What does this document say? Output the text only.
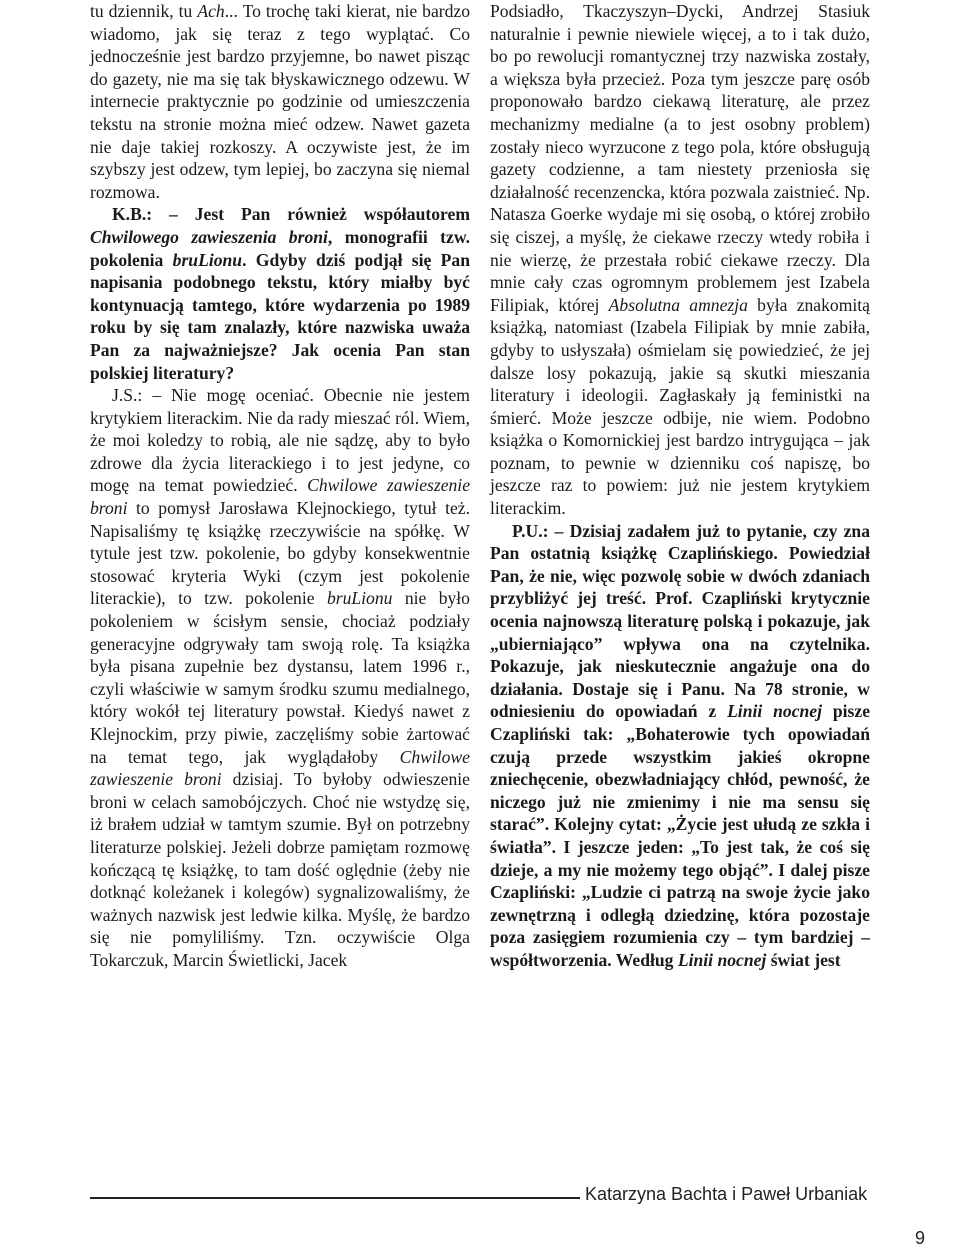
tu dziennik, tu Ach... To trochę taki kierat, nie bardzo wiadomo, jak się teraz z tego wyplątać. Co jednocześnie jest bardzo przyjemne, bo nawet pisząc do gazety, nie ma się tak błyskawicznego odzewu. W internecie praktycznie po godzinie od umieszczenia tekstu na stronie można mieć odzew. Nawet gazeta nie daje takiej rozkoszy. A oczywiste jest, że im szybszy jest odzew, tym lepiej, bo zaczyna się niemal rozmowa.

K.B.: – Jest Pan również współautorem Chwilowego zawieszenia broni, monografii tzw. pokolenia bruLionu. Gdyby dziś podjął się Pan napisania podobnego tekstu, który miałby być kontynuacją tamtego, które wydarzenia po 1989 roku by się tam znalazły, które nazwiska uważa Pan za najważniejsze? Jak ocenia Pan stan polskiej literatury?

J.S.: – Nie mogę oceniać. Obecnie nie jestem krytykiem literackim. Nie da rady mieszać ról. Wiem, że moi koledzy to robią, ale nie sądzę, aby to było zdrowe dla życia literackiego i to jest jedyne, co mogę na temat powiedzieć. Chwilowe zawieszenie broni to pomysł Jarosława Klejnockiego, tytuł też. Napisaliśmy tę książkę rzeczywiście na spółkę. W tytule jest tzw. pokolenie, bo gdyby konsekwentnie stosować kryteria Wyki (czym jest pokolenie literackie), to tzw. pokolenie bruLionu nie było pokoleniem w ścisłym sensie, chociaż podziały generacyjne odgrywały tam swoją rolę. Ta książka była pisana zupełnie bez dystansu, latem 1996 r., czyli właściwie w samym środku szumu medialnego, który wokół tej literatury powstał. Kiedyś nawet z Klejnockim, przy piwie, zaczęliśmy sobie żartować na temat tego, jak wyglądałoby Chwilowe zawieszenie broni dzisiaj. To byłoby odwieszenie broni w celach samobójczych. Choć nie wstydzę się, iż brałem udział w tamtym szumie. Był on potrzebny literaturze polskiej. Jeżeli dobrze pamiętam rozmowę kończącą tę książkę, to tam dość oględnie (żeby nie dotknąć koleżanek i kolegów) sygnalizowaliśmy, że ważnych nazwisk jest ledwie kilka. Myślę, że bardzo się nie pomyliliśmy. Tzn. oczywiście Olga Tokarczuk, Marcin Świetlicki, Jacek

Podsiadło, Tkaczyszyn–Dycki, Andrzej Stasiuk naturalnie i pewnie niewiele więcej, a to i tak dużo, bo po rewolucji romantycznej trzy nazwiska zostały, a większa była przecież. Poza tym jeszcze parę osób proponowało bardzo ciekawą literaturę, ale przez mechanizmy medialne (a to jest osobny problem) zostały nieco wyrzucone z tego pola, które obsługują gazety codzienne, a tam niestety przeniosła się działalność recenzencka, która pozwala zaistnieć. Np. Natasza Goerke wydaje mi się osobą, o której zrobiło się ciszej, a myślę, że ciekawe rzeczy wtedy robiła i nie wierzę, że przestała robić ciekawe rzeczy. Dla mnie cały czas ogromnym problemem jest Izabela Filipiak, której Absolutna amnezja była znakomitą książką, natomiast (Izabela Filipiak by mnie zabiła, gdyby to usłyszała) ośmielam się powiedzieć, że jej dalsze losy pokazują, jakie są skutki mieszania literatury i ideologii. Zagłaskały ją feministki na śmierć. Może jeszcze odbije, nie wiem. Podobno książka o Komornickiej jest bardzo intrygująca – jak poznam, to pewnie w dzienniku coś napiszę, bo jeszcze raz to powiem: już nie jestem krytykiem literackim.

P.U.: – Dzisiaj zadałem już to pytanie, czy zna Pan ostatnią książkę Czaplińskiego. Powiedział Pan, że nie, więc pozwolę sobie w dwóch zdaniach przybliżyć jej treść. Prof. Czapliński krytycznie ocenia najnowszą literaturę polską i pokazuje, jak „ubierniająco” wpływa ona na czytelnika. Pokazuje, jak nieskutecznie angażuje ona do działania. Dostaje się i Panu. Na 78 stronie, w odniesieniu do opowiadań z Linii nocnej pisze Czapliński tak: „Bohaterowie tych opowiadań czują przede wszystkim jakieś okropne zniechęcenie, obezwładniający chłód, pewność, że niczego już nie zmienimy i nie ma sensu się starać”. Kolejny cytat: „Życie jest ułudą ze szkła i światła”. I jeszcze jeden: „To jest tak, że coś się dzieje, a my nie możemy tego objąć”. I dalej pisze Czapliński: „Ludzie ci patrzą na swoje życie jako zewnętrzną i odległą dziedzinę, która pozostaje poza zasięgiem rozumienia czy – tym bardziej – współtworzenia. Według Linii nocnej świat jest

Katarzyna Bachta i Paweł Urbaniak
9
